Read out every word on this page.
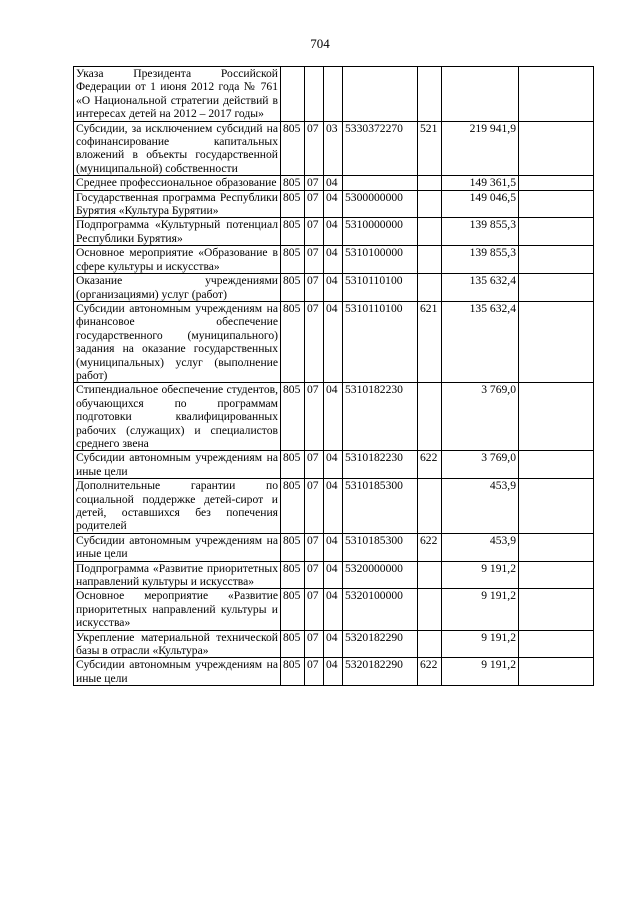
704
Указа Президента Российской Федерации от 1 июня 2012 года № 761 «О Национальной стратегии действий в интересах детей на 2012 – 2017 годы»							
Субсидии, за исключением субсидий на софинансирование капитальных вложений в объекты государственной (муниципальной) собственности	805	07	03	5330372270	521	219 941,9	
Среднее профессиональное образование	805	07	04			149 361,5	
Государственная программа Республики Бурятия «Культура Бурятии»	805	07	04	5300000000		149 046,5	
Подпрограмма «Культурный потенциал Республики Бурятия»	805	07	04	5310000000		139 855,3	
Основное мероприятие «Образование в сфере культуры и искусства»	805	07	04	5310100000		139 855,3	
Оказание учреждениями (организациями) услуг (работ)	805	07	04	5310110100		135 632,4	
Субсидии автономным учреждениям на финансовое обеспечение государственного (муниципального) задания на оказание государственных (муниципальных) услуг (выполнение работ)	805	07	04	5310110100	621	135 632,4	
Стипендиальное обеспечение студентов, обучающихся по программам подготовки квалифицированных рабочих (служащих) и специалистов среднего звена	805	07	04	5310182230		3 769,0	
Субсидии автономным учреждениям на иные цели	805	07	04	5310182230	622	3 769,0	
Дополнительные гарантии по социальной поддержке детей-сирот и детей, оставшихся без попечения родителей	805	07	04	5310185300		453,9	
Субсидии автономным учреждениям на иные цели	805	07	04	5310185300	622	453,9	
Подпрограмма «Развитие приоритетных направлений культуры и искусства»	805	07	04	5320000000		9 191,2	
Основное мероприятие «Развитие приоритетных направлений культуры и искусства»	805	07	04	5320100000		9 191,2	
Укрепление материальной технической базы в отрасли «Культура»	805	07	04	5320182290		9 191,2	
Субсидии автономным учреждениям на иные цели	805	07	04	5320182290	622	9 191,2	
